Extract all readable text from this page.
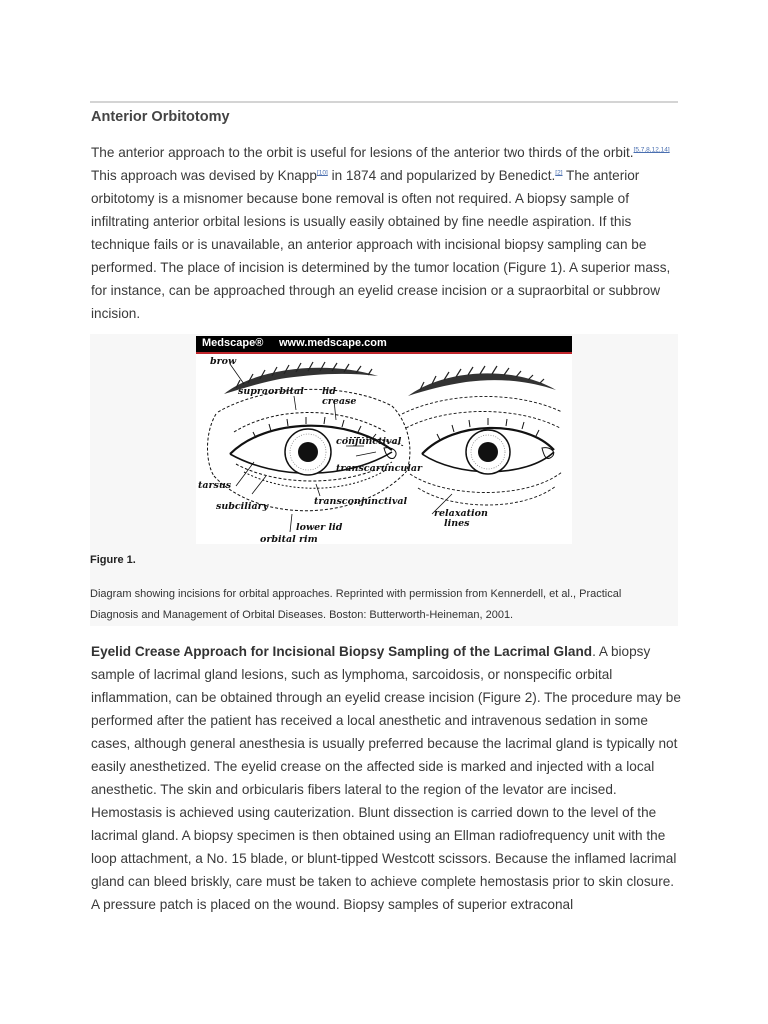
Anterior Orbitotomy

The anterior approach to the orbit is useful for lesions of the anterior two thirds of the orbit.[5,7,8,12,14] This approach was devised by Knapp[10] in 1874 and popularized by Benedict.[2] The anterior orbitotomy is a misnomer because bone removal is often not required. A biopsy sample of infiltrating anterior orbital lesions is usually easily obtained by fine needle aspiration. If this technique fails or is unavailable, an anterior approach with incisional biopsy sampling can be performed. The place of incision is determined by the tumor location (Figure 1). A superior mass, for instance, can be approached through an eyelid crease incision or a supraorbital or subbrow incision.

Medscape® www.medscape.com
brow
supraorbital lid
crease
conjunctival
transcaruncular
tarsus
subciliary	transconjunctival
lower lid
orbital rim
relaxation
lines
Figure 1.
Diagram showing incisions for orbital approaches. Reprinted with permission from Kennerdell, et al., Practical Diagnosis and Management of Orbital Diseases. Boston: Butterworth-Heineman, 2001.

Eyelid Crease Approach for Incisional Biopsy Sampling of the Lacrimal Gland. A biopsy sample of lacrimal gland lesions, such as lymphoma, sarcoidosis, or nonspecific orbital inflammation, can be obtained through an eyelid crease incision (Figure 2). The procedure may be performed after the patient has received a local anesthetic and intravenous sedation in some cases, although general anesthesia is usually preferred because the lacrimal gland is typically not easily anesthetized. The eyelid crease on the affected side is marked and injected with a local anesthetic. The skin and orbicularis fibers lateral to the region of the levator are incised. Hemostasis is achieved using cauterization. Blunt dissection is carried down to the level of the lacrimal gland. A biopsy specimen is then obtained using an Ellman radiofrequency unit with the loop attachment, a No. 15 blade, or blunt-tipped Westcott scissors. Because the inflamed lacrimal gland can bleed briskly, care must be taken to achieve complete hemostasis prior to skin closure. A pressure patch is placed on the wound. Biopsy samples of superior extraconal
